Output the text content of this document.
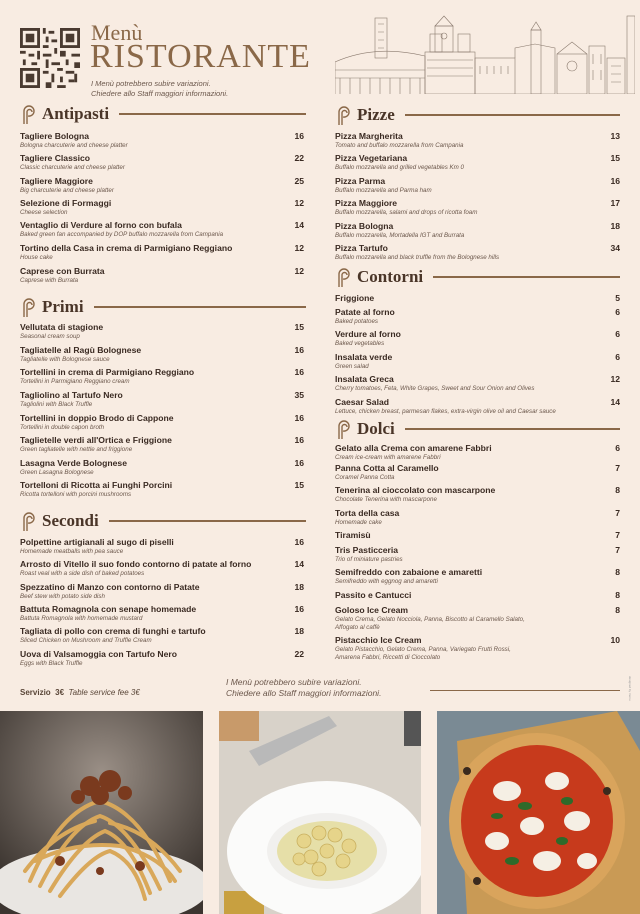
Menù
RISTORANTE
I Menù potrebbero subire variazioni.
Chiedere allo Staff maggiori informazioni.
Antipasti
Primi
Secondi
Pizze
Contorni
Dolci
Tagliere Bologna
Bologna charcuterie and cheese platter
16
Tagliere Classico
Classic charcuterie and cheese platter
22
Tagliere Maggiore
Big charcuterie and cheese platter
25
Selezione di Formaggi
Cheese selection
12
Ventaglio di Verdure al forno con bufala
Baked green fan accompanied by DOP buffalo mozzarella from Campania
14
Tortino della Casa in crema di Parmigiano Reggiano
House cake
12
Caprese con Burrata
Caprese with Burrata
12
Vellutata di stagione
Seasonal cream soup
15
Tagliatelle al Ragù Bolognese
Tagliatelle with Bolognese sauce
16
Tortellini in crema di Parmigiano Reggiano
Tortellini in Parmigiano Reggiano cream
16
Tagliolino al Tartufo Nero
Tagliolini with Black Truffle
35
Tortellini in doppio Brodo di Cappone
Tortellini in double capon broth
16
Taglietelle verdi all'Ortica e Friggione
Green tagliatelle with nettle and friggione
16
Lasagna Verde Bolognese
Green Lasagna Bolognese
16
Tortelloni di Ricotta ai Funghi Porcini
Ricotta tortelloni with porcini mushrooms
15
Polpettine artigianali al sugo di piselli
Homemade meatballs with pea sauce
16
Arrosto di Vitello il suo fondo contorno di patate al forno
Roast veal with a side dish of baked potatoes
14
Spezzatino di Manzo con contorno di Patate
Beef stew with potato side dish
18
Battuta Romagnola con senape homemade
Battuta Romagnola with homemade mustard
16
Tagliata di pollo con crema di funghi e tartufo
Sliced Chicken on Mushroom and Truffle Cream
18
Uova di Valsamoggia con Tartufo Nero
Eggs with Black Truffle
22
Pizza Margherita
Tomato and buffalo mozzarella from Campania
13
Pizza Vegetariana
Buffalo mozzarella and grilled vegetables Km 0
15
Pizza Parma
Buffalo mozzarella and Parma ham
16
Pizza Maggiore
Buffalo mozzarella, salami and drops of ricotta foam
17
Pizza Bologna
Buffalo mozzarella, Mortadella IGT and Burrata
18
Pizza Tartufo
Buffalo mozzarella and black truffle from the Bolognese hills
34
Friggione	5
Patate al forno
Baked potatoes
6
Verdure al forno
Baked vegetables
6
Insalata verde
Green salad
6
Insalata Greca
Cherry tomatoes, Feta, White Grapes, Sweet and Sour Onion and Olives
12
Caesar Salad
Lettuce, chicken breast, parmesan flakes, extra-virgin olive oil and Caesar sauce
14
Gelato alla Crema con amarene Fabbri
Cream ice-cream with amarene Fabbri
6
Panna Cotta al Caramello
Coramel Panna Cotta
7
Tenerina al cioccolato con mascarpone
Chocolate Tenerina with mascarpone
8
Torta della casa
Homemade cake
7
Tiramisù	7
Tris Pasticceria
Trio of miniature pastries
7
Semifreddo con zabaione e amaretti
Semifreddo with eggnog and amaretti
8
Passito e Cantucci	8
Goloso Ice Cream
Gelato Crema, Gelato Nocciola, Panna, Biscotto al Caramello Salato,
Affogato al caffè
8
Pistacchio Ice Cream
Gelato Pistacchio, Gelato Crema, Panna, Variegato Frutti Rossi,
Amarena Fabbri, Riccetti di Cioccolato
10
Servizio 3€ Table service fee 3€
I Menù potrebbero subire variazioni.
Chiedere allo Staff maggiori informazioni.	designed by menu
